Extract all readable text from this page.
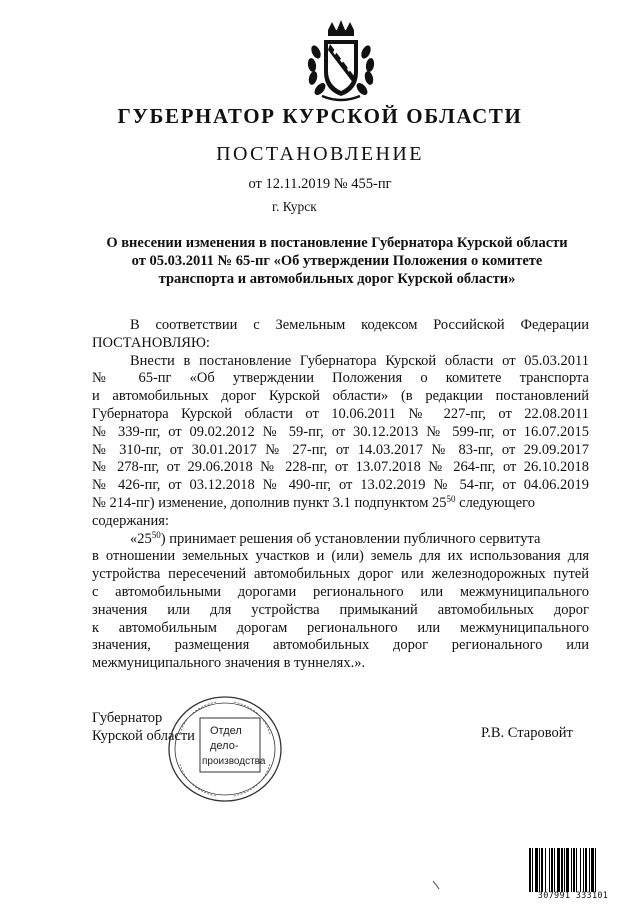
ГУБЕРНАТОР КУРСКОЙ ОБЛАСТИ
ПОСТАНОВЛЕНИЕ
от 12.11.2019 № 455-пг
г. Курск
О внесении изменения в постановление Губернатора Курской области
от 05.03.2011 № 65-пг «Об утверждении Положения о комитете
транспорта и автомобильных дорог Курской области»
В соответствии с Земельным кодексом Российской Федерации
ПОСТАНОВЛЯЮ:
Внести в постановление Губернатора Курской области от 05.03.2011
№ 65-пг «Об утверждении Положения о комитете транспорта
и автомобильных дорог Курской области» (в редакции постановлений
Губернатора Курской области от 10.06.2011 № 227-пг, от 22.08.2011
№ 339-пг, от 09.02.2012 № 59-пг, от 30.12.2013 № 599-пг, от 16.07.2015
№ 310-пг, от 30.01.2017 № 27-пг, от 14.03.2017 № 83-пг, от 29.09.2017
№ 278-пг, от 29.06.2018 № 228-пг, от 13.07.2018 № 264-пг, от 26.10.2018
№ 426-пг, от 03.12.2018 № 490-пг, от 13.02.2019 № 54-пг, от 04.06.2019
№ 214-пг) изменение, дополнив пункт 3.1 подпунктом $25^{50}$ следующего
содержания:
«$25^{50}$) принимает решения об установлении публичного сервитута
в отношении земельных участков и (или) земель для их использования для
устройства пересечений автомобильных дорог или железнодорожных путей
с автомобильными дорогами регионального или межмуниципального
значения или для устройства примыканий автомобильных дорог
к автомобильным дорогам регионального или межмуниципального
значения, размещения автомобильных дорог регионального или
межмуниципального значения в туннелях.».
Губернатор
Курской области	Р.В. Старовойт
Отдел
дело-
производства
307991 333101
